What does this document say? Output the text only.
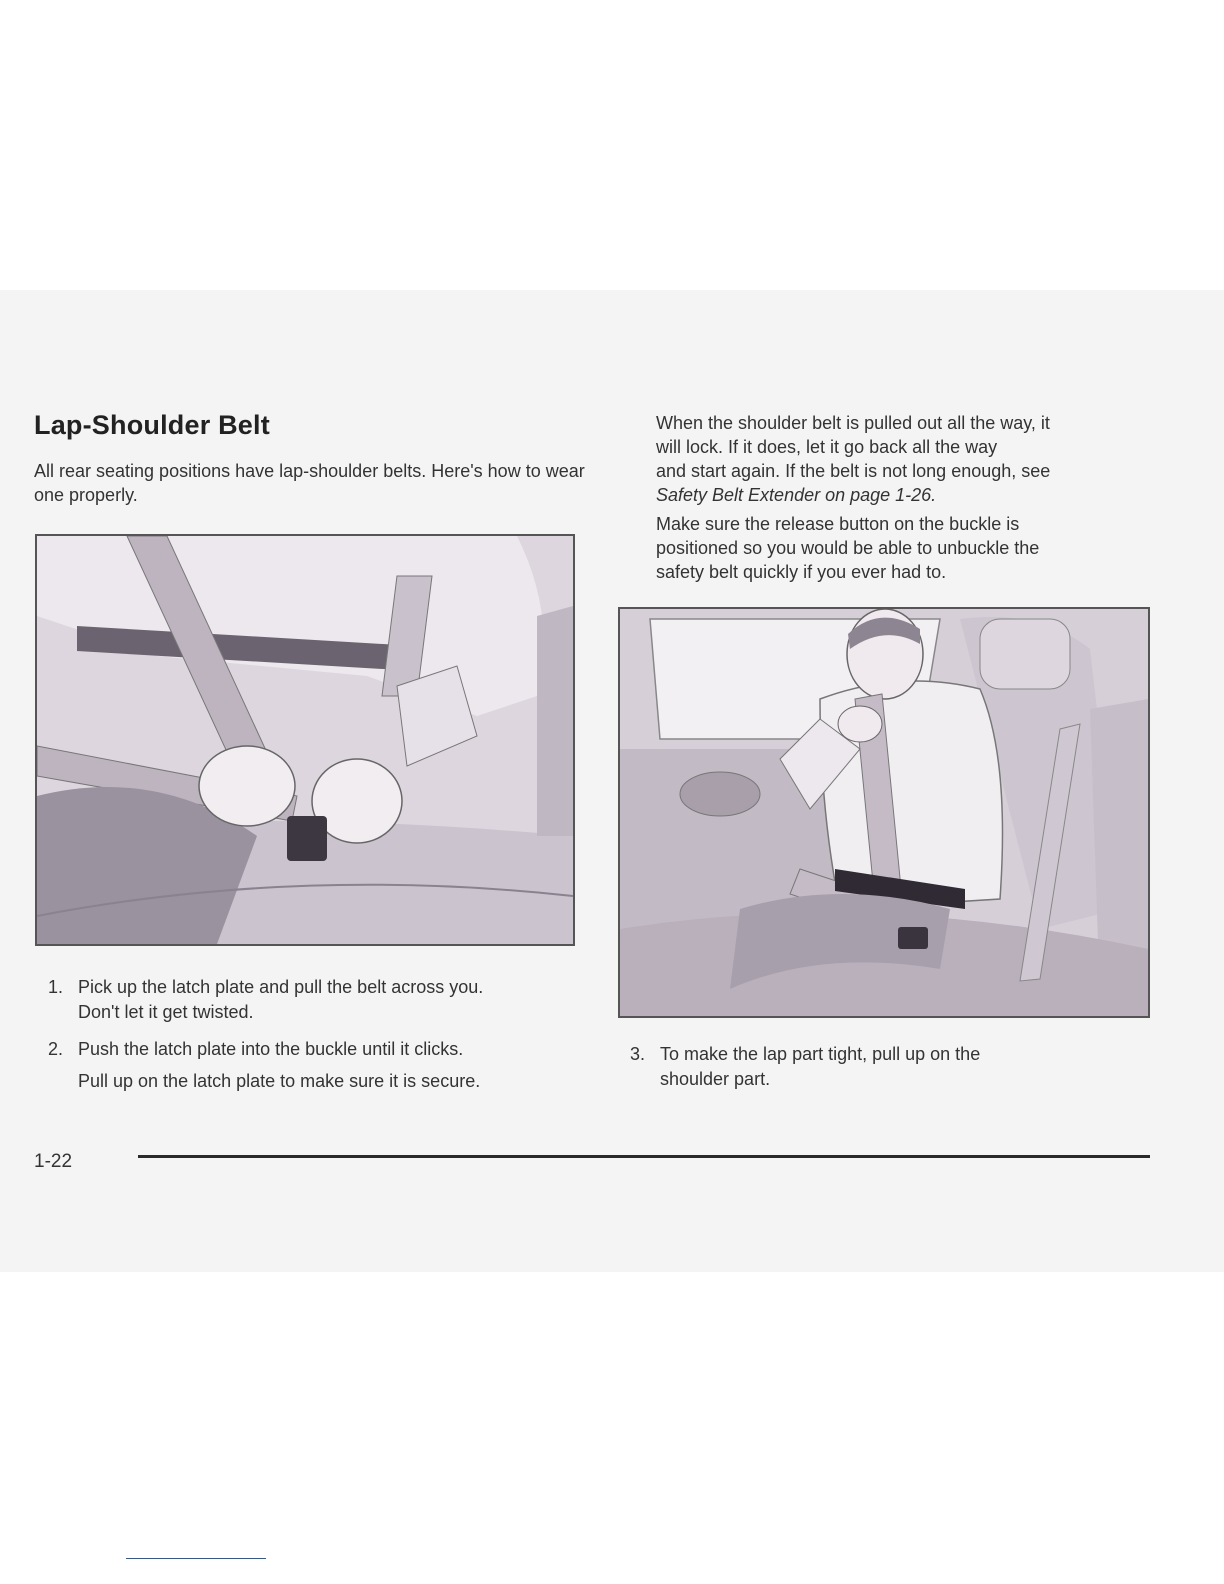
Lap-Shoulder Belt

All rear seating positions have lap-shoulder belts. Here's how to wear one properly.

When the shoulder belt is pulled out all the way, it
will lock. If it does, let it go back all the way
and start again. If the belt is not long enough, see
Safety Belt Extender on page 1-26.

Make sure the release button on the buckle is
positioned so you would be able to unbuckle the
safety belt quickly if you ever had to.

1. Pick up the latch plate and pull the belt across you.
Don't let it get twisted.
2. Push the latch plate into the buckle until it clicks.

Pull up on the latch plate to make sure it is secure.

3. To make the lap part tight, pull up on the
shoulder part.
1-22
